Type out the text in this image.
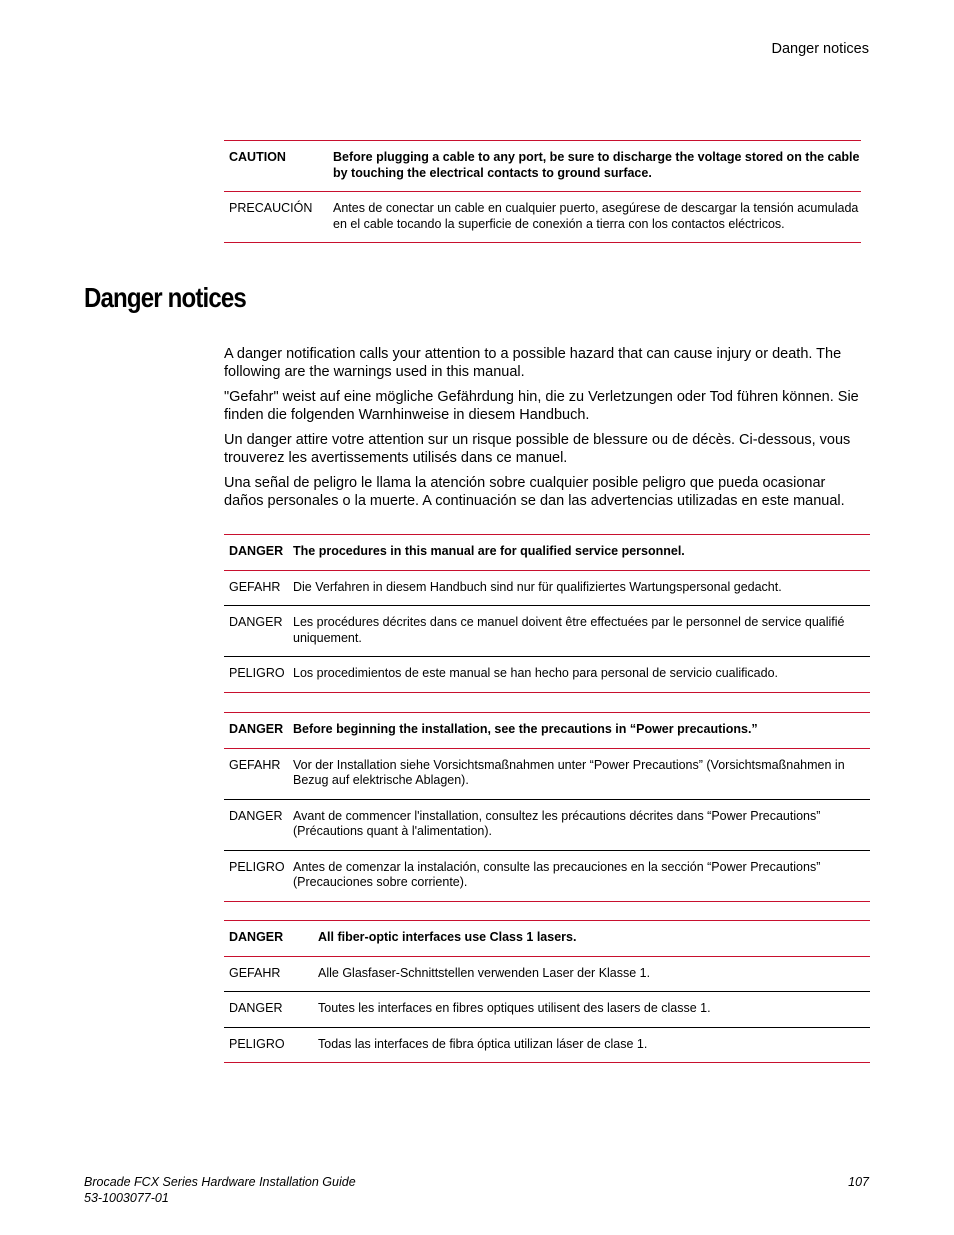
Danger notices
CAUTION	Before plugging a cable to any port, be sure to discharge the voltage stored on the cable by touching the electrical contacts to ground surface.
PRECAUCIÓN	Antes de conectar un cable en cualquier puerto, asegúrese de descargar la tensión acumulada en el cable tocando la superficie de conexión a tierra con los contactos eléctricos.
Danger notices

A danger notification calls your attention to a possible hazard that can cause injury or death. The following are the warnings used in this manual.

"Gefahr" weist auf eine mögliche Gefährdung hin, die zu Verletzungen oder Tod führen können. Sie finden die folgenden Warnhinweise in diesem Handbuch.

Un danger attire votre attention sur un risque possible de blessure ou de décès. Ci-dessous, vous trouverez les avertissements utilisés dans ce manuel.

Una señal de peligro le llama la atención sobre cualquier posible peligro que pueda ocasionar daños personales o la muerte. A continuación se dan las advertencias utilizadas en este manual.

DANGER	The procedures in this manual are for qualified service personnel.
GEFAHR	Die Verfahren in diesem Handbuch sind nur für qualifiziertes Wartungspersonal gedacht.
DANGER	Les procédures décrites dans ce manuel doivent être effectuées par le personnel de service qualifié uniquement.
PELIGRO	Los procedimientos de este manual se han hecho para personal de servicio cualificado.
DANGER	Before beginning the installation, see the precautions in “Power precautions.”
GEFAHR	Vor der Installation siehe Vorsichtsmaßnahmen unter “Power Precautions” (Vorsichtsmaßnahmen in Bezug auf elektrische Ablagen).
DANGER	Avant de commencer l'installation, consultez les précautions décrites dans “Power Precautions” (Précautions quant à l'alimentation).
PELIGRO	Antes de comenzar la instalación, consulte las precauciones en la sección “Power Precautions” (Precauciones sobre corriente).
DANGER	All fiber-optic interfaces use Class 1 lasers.
GEFAHR	Alle Glasfaser-Schnittstellen verwenden Laser der Klasse 1.
DANGER	Toutes les interfaces en fibres optiques utilisent des lasers de classe 1.
PELIGRO	Todas las interfaces de fibra óptica utilizan láser de clase 1.
Brocade FCX Series Hardware Installation Guide
53-1003077-01
107
